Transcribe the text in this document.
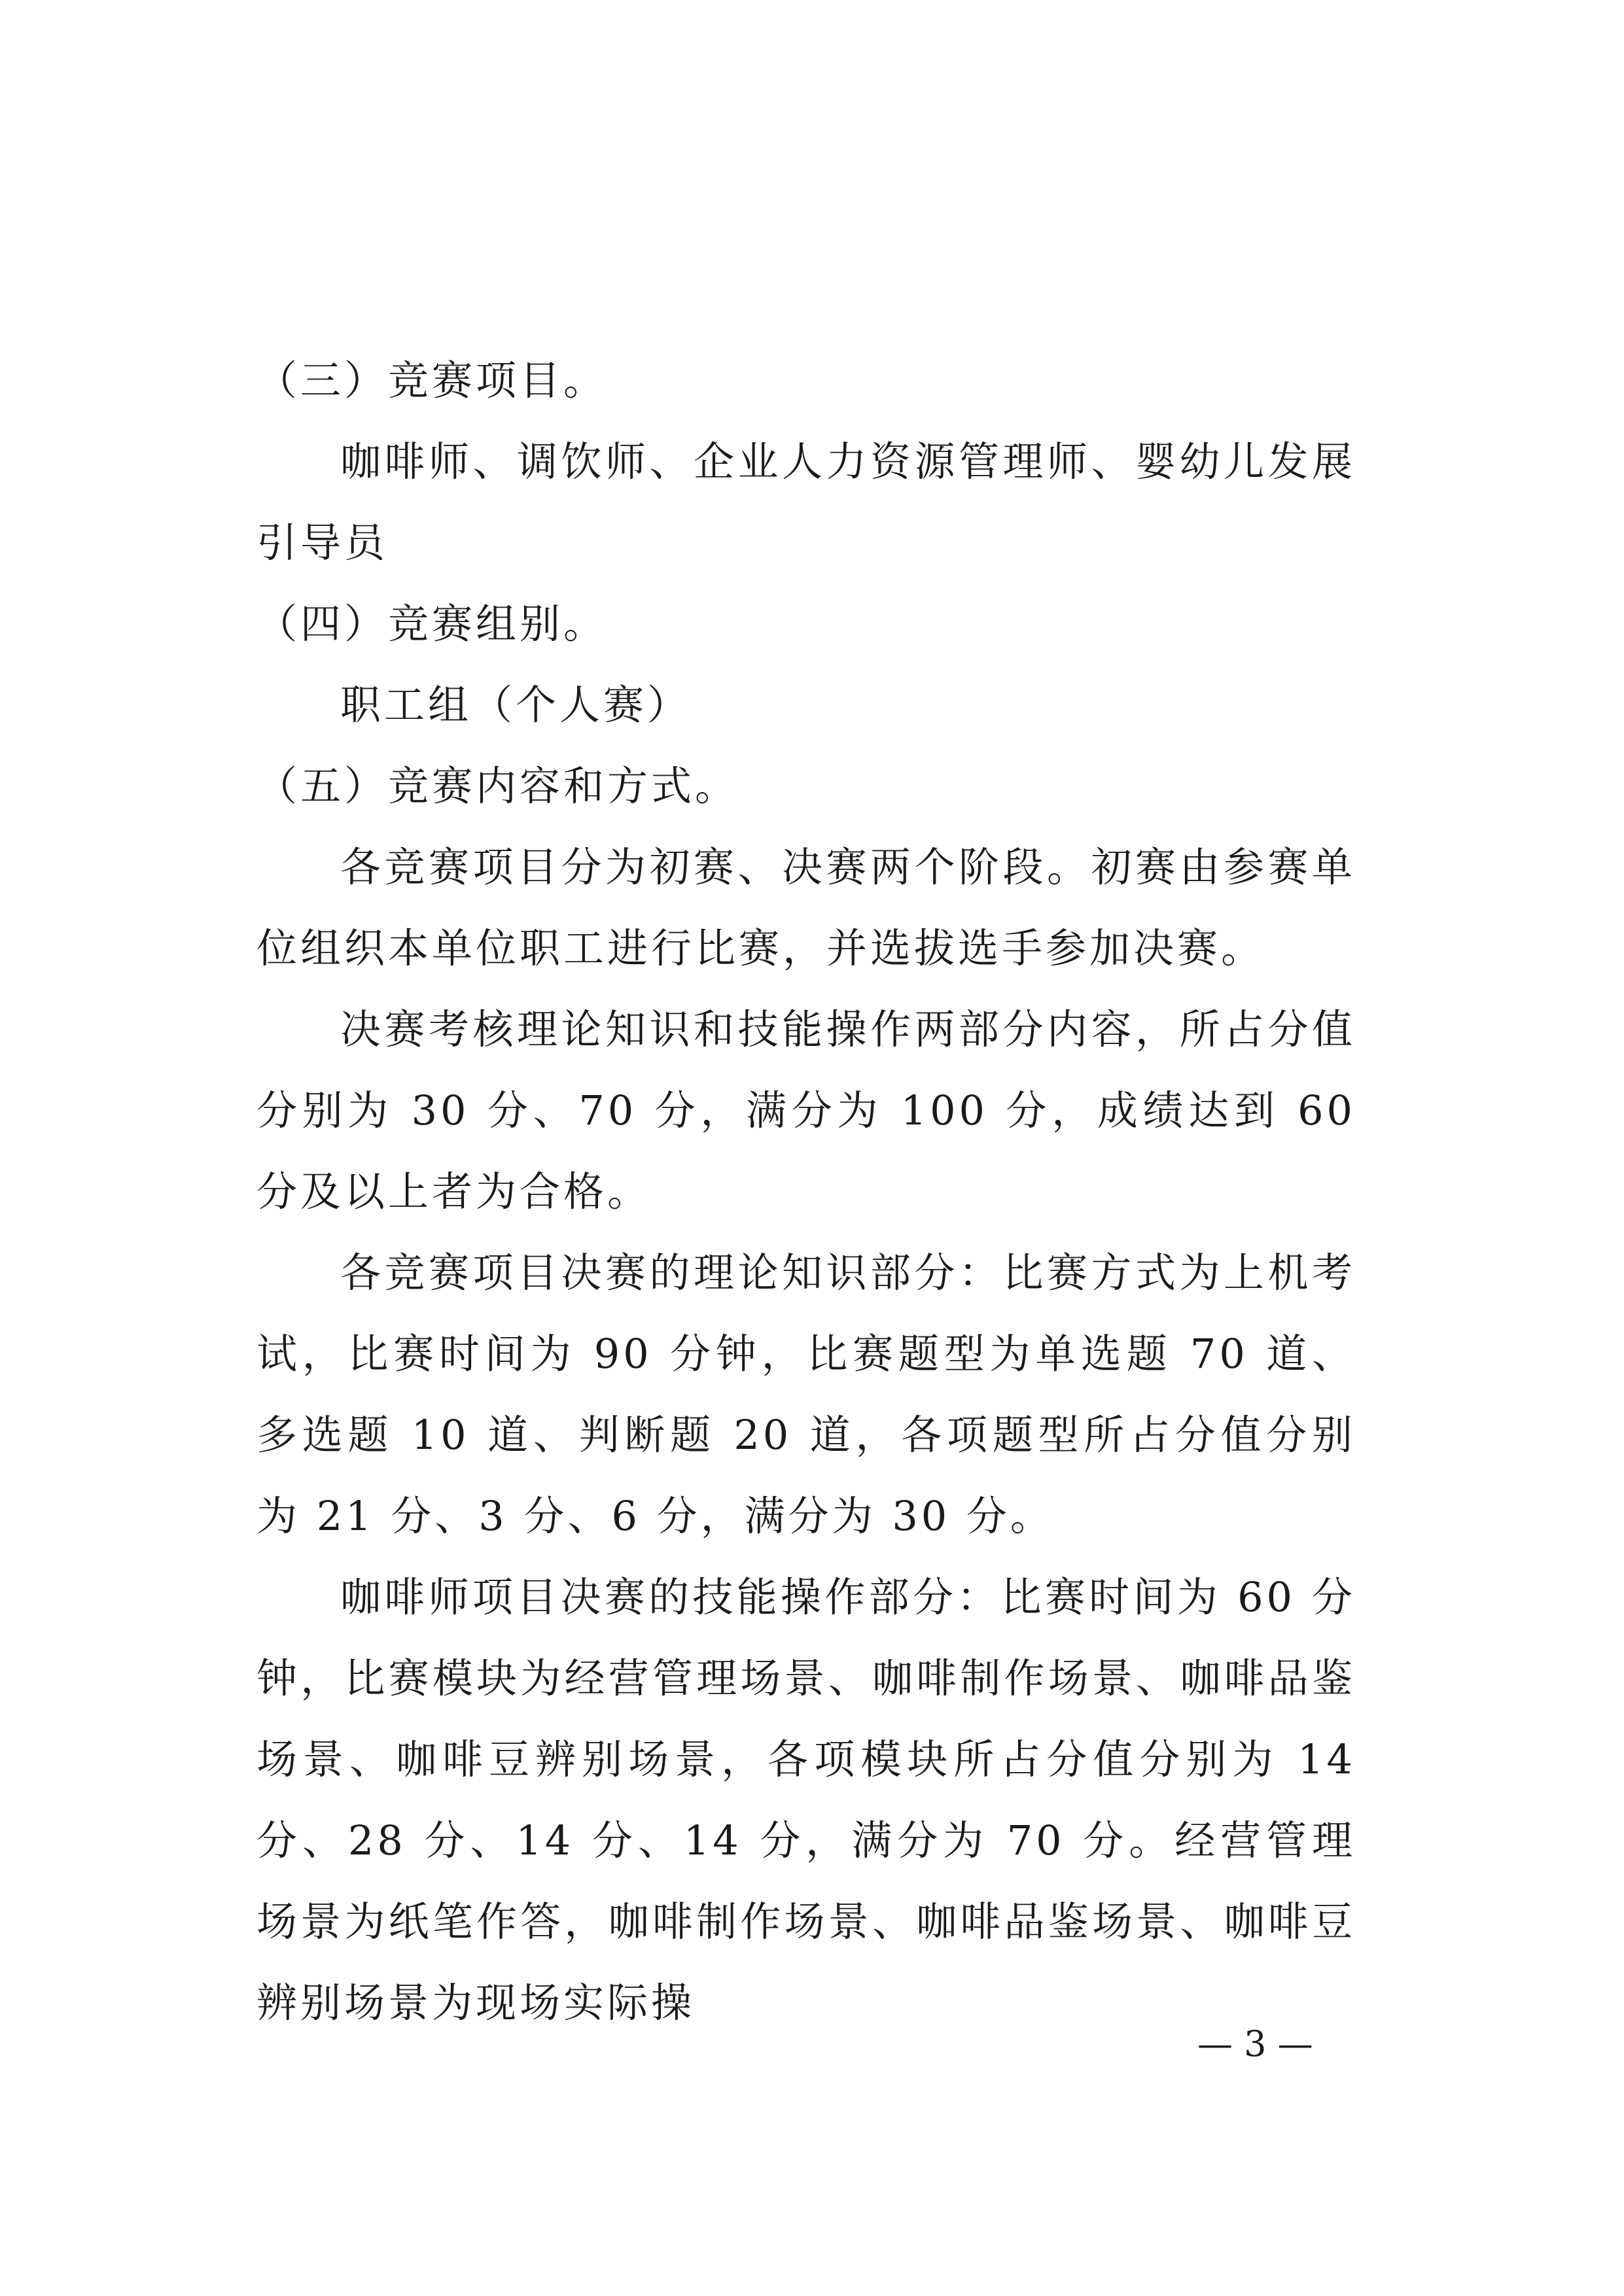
（三）竞赛项目。

咖啡师、调饮师、企业人力资源管理师、婴幼儿发展引导员

（四）竞赛组别。

职工组（个人赛）

（五）竞赛内容和方式。

各竞赛项目分为初赛、决赛两个阶段。初赛由参赛单位组织本单位职工进行比赛，并选拔选手参加决赛。

决赛考核理论知识和技能操作两部分内容，所占分值分别为 30 分、70 分，满分为 100 分，成绩达到 60 分及以上者为合格。

各竞赛项目决赛的理论知识部分：比赛方式为上机考试，比赛时间为 90 分钟，比赛题型为单选题 70 道、多选题 10 道、判断题 20 道，各项题型所占分值分别为 21 分、3 分、6 分，满分为 30 分。

咖啡师项目决赛的技能操作部分：比赛时间为 60 分钟，比赛模块为经营管理场景、咖啡制作场景、咖啡品鉴场景、咖啡豆辨别场景，各项模块所占分值分别为 14 分、28 分、14 分、14 分，满分为 70 分。经营管理场景为纸笔作答，咖啡制作场景、咖啡品鉴场景、咖啡豆辨别场景为现场实际操

— 3 —
